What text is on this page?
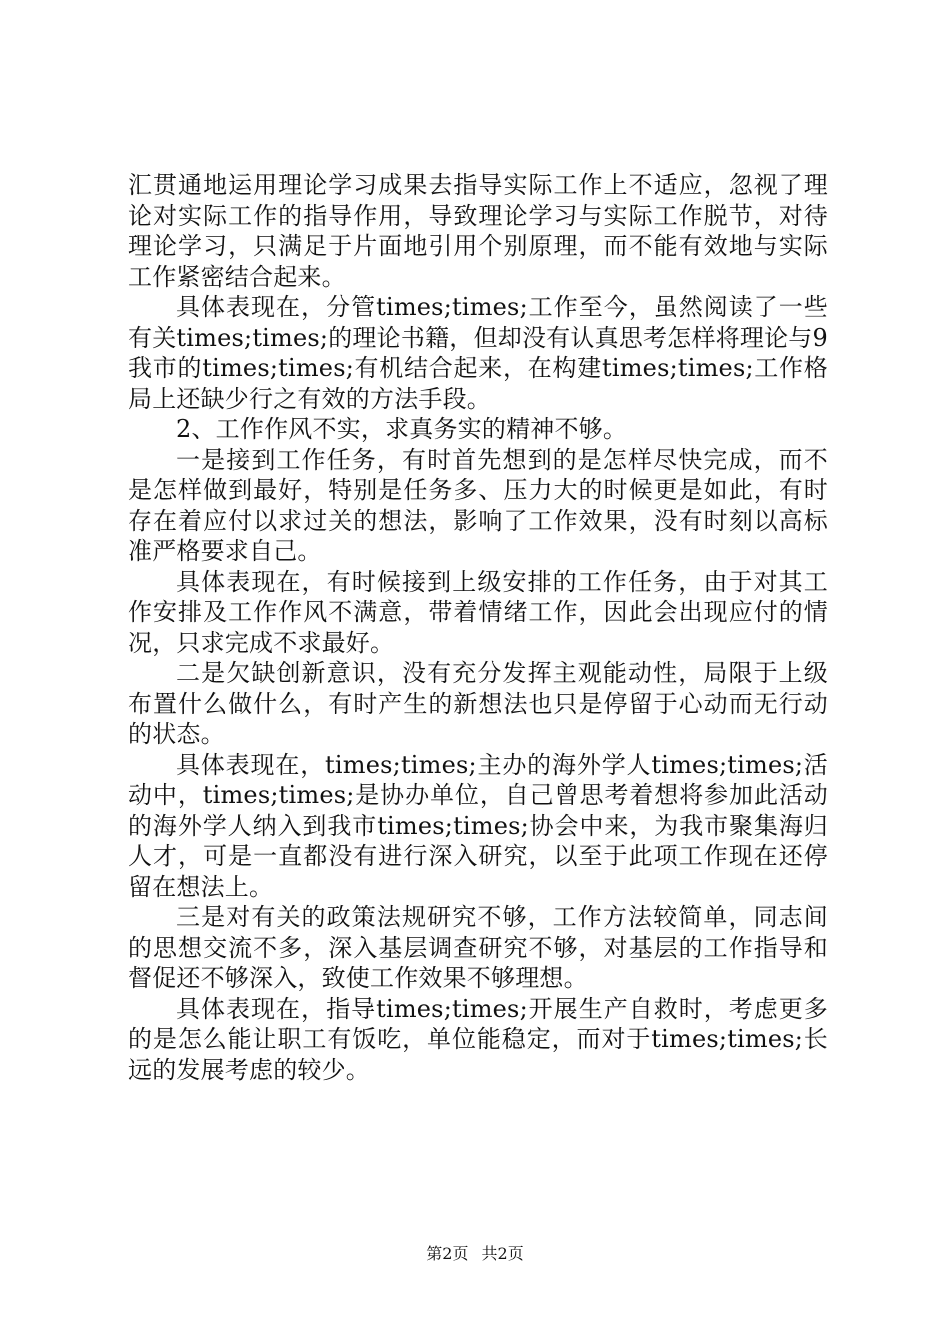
汇贯通地运用理论学习成果去指导实际工作上不适应，忽视了理论对实际工作的指导作用，导致理论学习与实际工作脱节，对待理论学习，只满足于片面地引用个别原理，而不能有效地与实际工作紧密结合起来。

具体表现在，分管times;times;工作至今，虽然阅读了一些有关times;times;的理论书籍，但却没有认真思考怎样将理论与9我市的times;times;有机结合起来，在构建times;times;工作格局上还缺少行之有效的方法手段。

2、工作作风不实，求真务实的精神不够。

一是接到工作任务，有时首先想到的是怎样尽快完成，而不是怎样做到最好，特别是任务多、压力大的时候更是如此，有时存在着应付以求过关的想法，影响了工作效果，没有时刻以高标准严格要求自己。

具体表现在，有时候接到上级安排的工作任务，由于对其工作安排及工作作风不满意，带着情绪工作，因此会出现应付的情况，只求完成不求最好。

二是欠缺创新意识，没有充分发挥主观能动性，局限于上级布置什么做什么，有时产生的新想法也只是停留于心动而无行动的状态。

具体表现在，times;times;主办的海外学人times;times;活动中，times;times;是协办单位，自己曾思考着想将参加此活动的海外学人纳入到我市times;times;协会中来，为我市聚集海归人才，可是一直都没有进行深入研究，以至于此项工作现在还停留在想法上。

三是对有关的政策法规研究不够，工作方法较简单，同志间的思想交流不多，深入基层调查研究不够，对基层的工作指导和督促还不够深入，致使工作效果不够理想。

具体表现在，指导times;times;开展生产自救时，考虑更多的是怎么能让职工有饭吃，单位能稳定，而对于times;times;长远的发展考虑的较少。

第2页 共2页
